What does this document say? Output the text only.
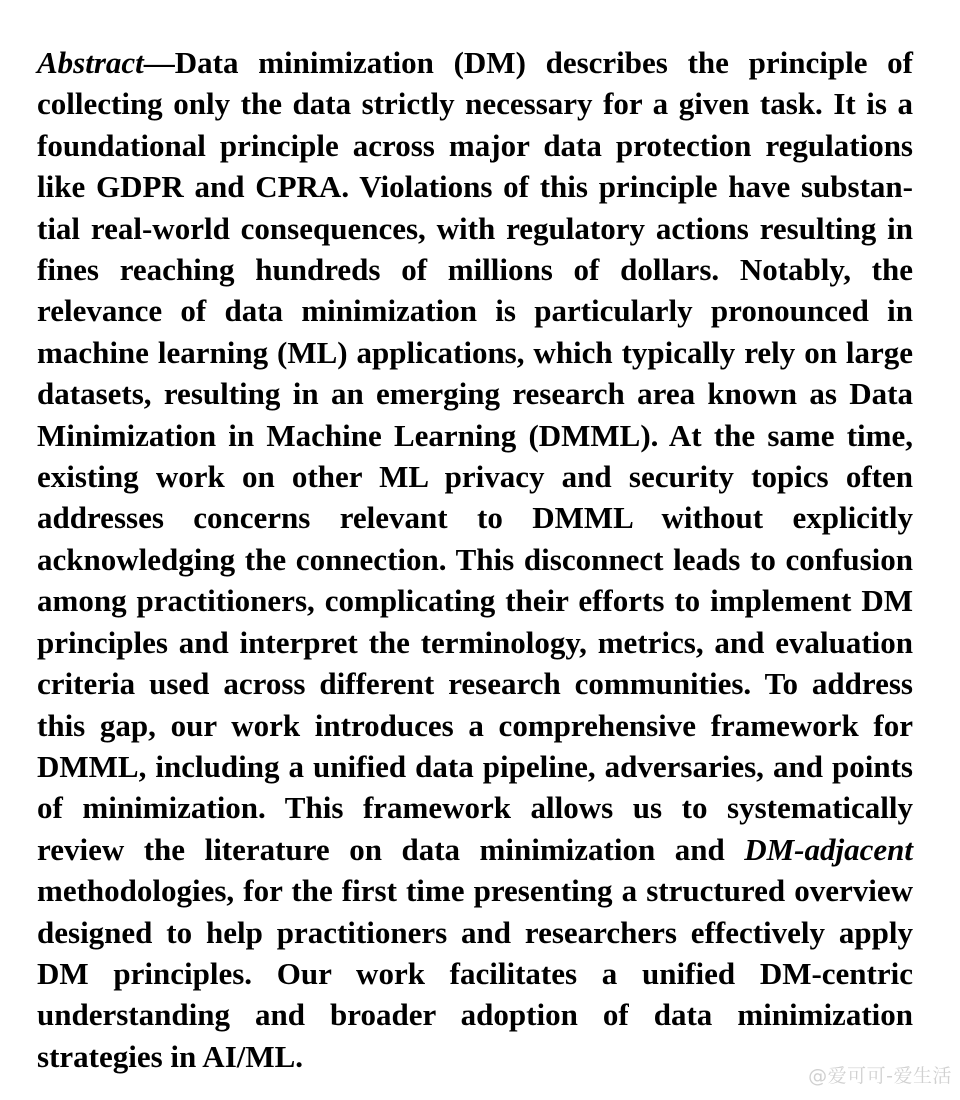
Abstract—Data minimization (DM) describes the principle of collecting only the data strictly necessary for a given task. It is a foundational principle across major data protection regulations like GDPR and CPRA. Violations of this principle have substantial real-world consequences, with regulatory actions resulting in fines reaching hundreds of millions of dollars. Notably, the relevance of data minimization is particularly pronounced in machine learning (ML) applications, which typically rely on large datasets, resulting in an emerging research area known as Data Minimization in Machine Learning (DMML). At the same time, existing work on other ML privacy and security topics often addresses concerns relevant to DMML without explicitly acknowledging the connection. This disconnect leads to confusion among practitioners, complicating their efforts to implement DM principles and interpret the terminology, metrics, and evaluation criteria used across different research communities. To address this gap, our work introduces a comprehensive framework for DMML, including a unified data pipeline, adversaries, and points of minimization. This framework allows us to systematically review the literature on data minimization and DM-adjacent methodologies, for the first time presenting a structured overview designed to help practitioners and researchers effectively apply DM principles. Our work facilitates a unified DM-centric understanding and broader adoption of data minimization strategies in AI/ML.

@爱可可-爱生活
